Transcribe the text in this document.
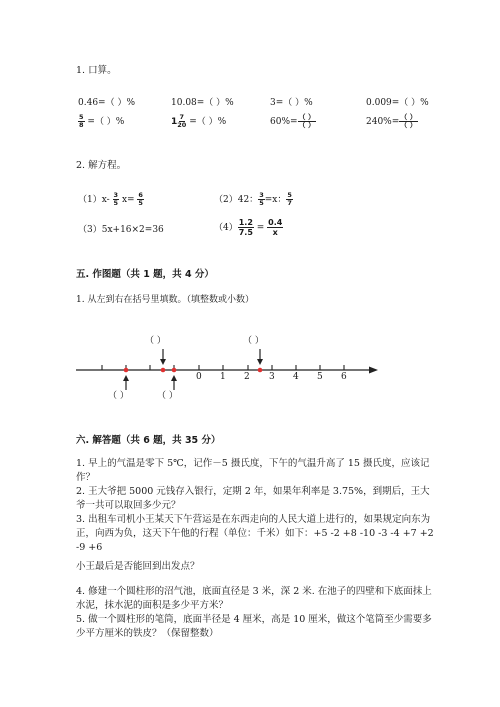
1. 口算。
0.46=（ ）%	10.08=（ ）%	3=（ ）%	0.009=（ ）%
$\frac{5}{8}$ =（ ）%	$1 \frac{7}{20}$ =（ ）%	$60\%= \frac{( )}{( )}$	$240\%= \frac{( )}{( )}$
2. 解方程。
$(1)x- \frac{3}{5} x= \frac{6}{5}$	（2）42： $\frac{3}{5} =x$： $\frac{5}{7}$
（3）5x+16×2=36	$(4) \frac{1.2}{7.5} = \frac{0.4}{x}$
五. 作图题（共 1 题，共 4 分）
1. 从左到右在括号里填数。（填整数或小数）
0 1 2 3 4 5 6
（ ）	（ ）
（ ）	（ ）
六. 解答题（共 6 题，共 35 分）
1. 早上的气温是零下 5℃，记作－5 摄氏度，下午的气温升高了 15 摄氏度，应该记作？
2. 王大爷把 5000 元钱存入银行，定期 2 年，如果年利率是 3.75%，到期后，王大爷一共可以取回多少元？
3. 出租车司机小王某天下午营运是在东西走向的人民大道上进行的，如果规定向东为正，向西为负，这天下午他的行程（单位：千米）如下：+5 -2 +8 -10 -3 -4 +7 +2 -9 +6
小王最后是否能回到出发点？
4. 修建一个圆柱形的沼气池，底面直径是 3 米，深 2 米. 在池子的四壁和下底面抹上水泥，抹水泥的面积是多少平方米？
5. 做一个圆柱形的笔筒，底面半径是 4 厘米，高是 10 厘米，做这个笔筒至少需要多少平方厘米的铁皮？（保留整数）
